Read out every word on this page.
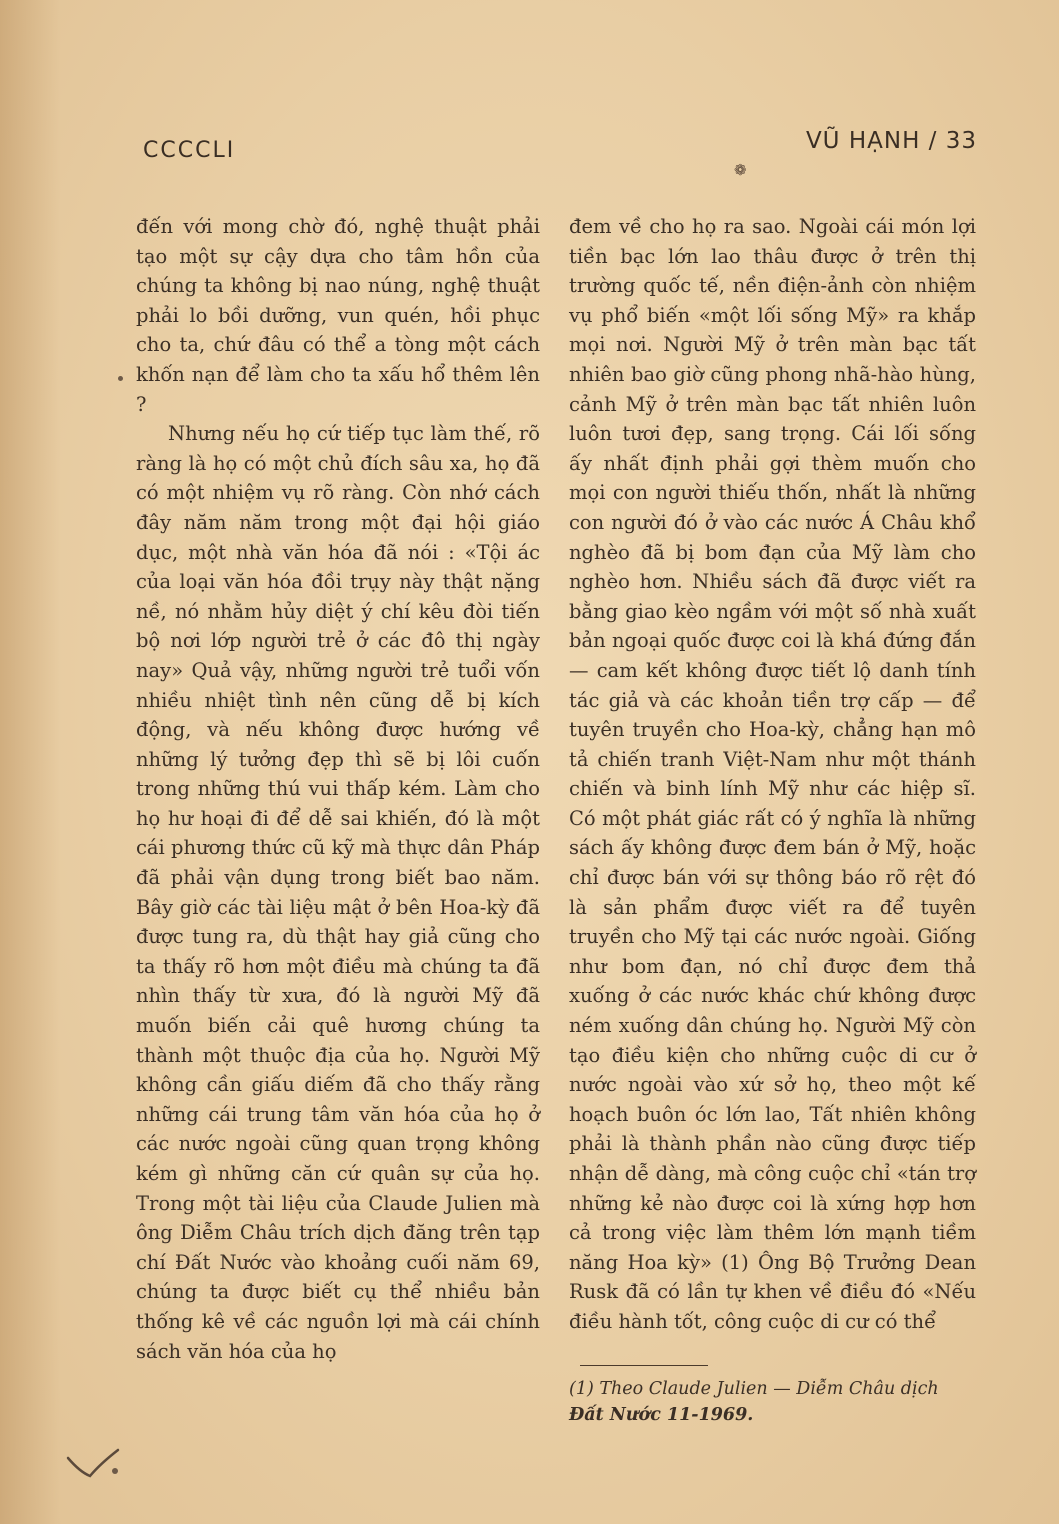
CCCCLI	VŨ HẠNH / 33
❁

đến với mong chờ đó, nghệ thuật phải tạo một sự cậy dựa cho tâm hồn của chúng ta không bị nao núng, nghệ thuật phải lo bồi dưỡng, vun quén, hồi phục cho ta, chứ đâu có thể a tòng một cách khốn nạn để làm cho ta xấu hổ thêm lên ?

Nhưng nếu họ cứ tiếp tục làm thế, rõ ràng là họ có một chủ đích sâu xa, họ đã có một nhiệm vụ rõ ràng. Còn nhớ cách đây năm năm trong một đại hội giáo dục, một nhà văn hóa đã nói : «Tội ác của loại văn hóa đồi trụy này thật nặng nề, nó nhằm hủy diệt ý chí kêu đòi tiến bộ nơi lớp người trẻ ở các đô thị ngày nay» Quả vậy, những người trẻ tuổi vốn nhiều nhiệt tình nên cũng dễ bị kích động, và nếu không được hướng về những lý tưởng đẹp thì sẽ bị lôi cuốn trong những thú vui thấp kém. Làm cho họ hư hoại đi để dễ sai khiến, đó là một cái phương thức cũ kỹ mà thực dân Pháp đã phải vận dụng trong biết bao năm. Bây giờ các tài liệu mật ở bên Hoa-kỳ đã được tung ra, dù thật hay giả cũng cho ta thấy rõ hơn một điều mà chúng ta đã nhìn thấy từ xưa, đó là người Mỹ đã muốn biến cải quê hương chúng ta thành một thuộc địa của họ. Người Mỹ không cần giấu diếm đã cho thấy rằng những cái trung tâm văn hóa của họ ở các nước ngoài cũng quan trọng không kém gì những căn cứ quân sự của họ. Trong một tài liệu của Claude Julien mà ông Diễm Châu trích dịch đăng trên tạp chí Đất Nước vào khoảng cuối năm 69, chúng ta được biết cụ thể nhiều bản thống kê về các nguồn lợi mà cái chính sách văn hóa của họ

đem về cho họ ra sao. Ngoài cái món lợi tiền bạc lớn lao thâu được ở trên thị trường quốc tế, nền điện-ảnh còn nhiệm vụ phổ biến «một lối sống Mỹ» ra khắp mọi nơi. Người Mỹ ở trên màn bạc tất nhiên bao giờ cũng phong nhã-hào hùng, cảnh Mỹ ở trên màn bạc tất nhiên luôn luôn tươi đẹp, sang trọng. Cái lối sống ấy nhất định phải gợi thèm muốn cho mọi con người thiếu thốn, nhất là những con người đó ở vào các nước Á Châu khổ nghèo đã bị bom đạn của Mỹ làm cho nghèo hơn. Nhiều sách đã được viết ra bằng giao kèo ngầm với một số nhà xuất bản ngoại quốc được coi là khá đứng đắn — cam kết không được tiết lộ danh tính tác giả và các khoản tiền trợ cấp — để tuyên truyền cho Hoa-kỳ, chẳng hạn mô tả chiến tranh Việt-Nam như một thánh chiến và binh lính Mỹ như các hiệp sĩ. Có một phát giác rất có ý nghĩa là những sách ấy không được đem bán ở Mỹ, hoặc chỉ được bán với sự thông báo rõ rệt đó là sản phẩm được viết ra để tuyên truyền cho Mỹ tại các nước ngoài. Giống như bom đạn, nó chỉ được đem thả xuống ở các nước khác chứ không được ném xuống dân chúng họ. Người Mỹ còn tạo điều kiện cho những cuộc di cư ở nước ngoài vào xứ sở họ, theo một kế hoạch buôn óc lớn lao, Tất nhiên không phải là thành phần nào cũng được tiếp nhận dễ dàng, mà công cuộc chỉ «tán trợ những kẻ nào được coi là xứng hợp hơn cả trong việc làm thêm lớn mạnh tiềm năng Hoa kỳ» (1) Ông Bộ Trưởng Dean Rusk đã có lần tự khen về điều đó «Nếu điều hành tốt, công cuộc di cư có thể

(1) Theo Claude Julien — Diễm Châu dịch
Đất Nước 11-1969.
